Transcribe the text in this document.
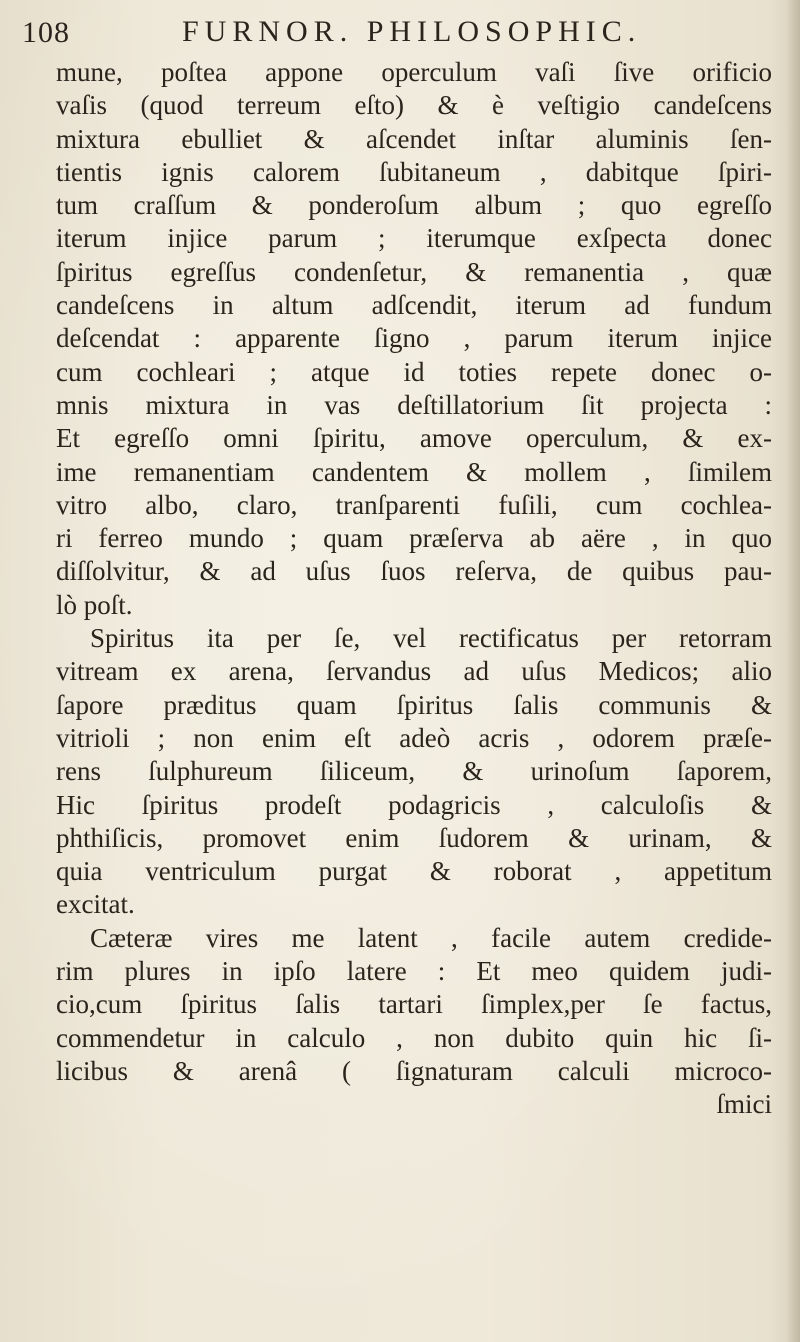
108	FURNOR. PHILOSOPHIC.
mune, poſtea appone operculum vaſi ſive orificio
vaſis (quod terreum eſto) & è veſtigio candeſcens
mixtura ebulliet & aſcendet inſtar aluminis ſen-
tientis ignis calorem ſubitaneum , dabitque ſpiri-
tum craſſum & ponderoſum album ; quo egreſſo
iterum injice parum ; iterumque exſpecta donec
ſpiritus egreſſus condenſetur, & remanentia , quæ
candeſcens in altum adſcendit, iterum ad fundum
deſcendat : apparente ſigno , parum iterum injice
cum cochleari ; atque id toties repete donec o-
mnis mixtura in vas deſtillatorium ſit projecta :
Et egreſſo omni ſpiritu, amove operculum, & ex-
ime remanentiam candentem & mollem , ſimilem
vitro albo, claro, tranſparenti fuſili, cum cochlea-
ri ferreo mundo ; quam præſerva ab aëre , in quo
diſſolvitur, & ad uſus ſuos reſerva, de quibus pau-
lò poſt.
Spiritus ita per ſe, vel rectificatus per retorram
vitream ex arena, ſervandus ad uſus Medicos; alio
ſapore præditus quam ſpiritus ſalis communis &
vitrioli ; non enim eſt adeò acris , odorem præſe-
rens ſulphureum ſiliceum, & urinoſum ſaporem,
Hic ſpiritus prodeſt podagricis , calculoſis &
phthiſicis, promovet enim ſudorem & urinam, &
quia ventriculum purgat & roborat , appetitum
excitat.
Cæteræ vires me latent , facile autem credide-
rim plures in ipſo latere : Et meo quidem judi-
cio,cum ſpiritus ſalis tartari ſimplex,per ſe factus,
commendetur in calculo , non dubito quin hic ſi-
licibus & arenâ ( ſignaturam calculi microco-
ſmici
